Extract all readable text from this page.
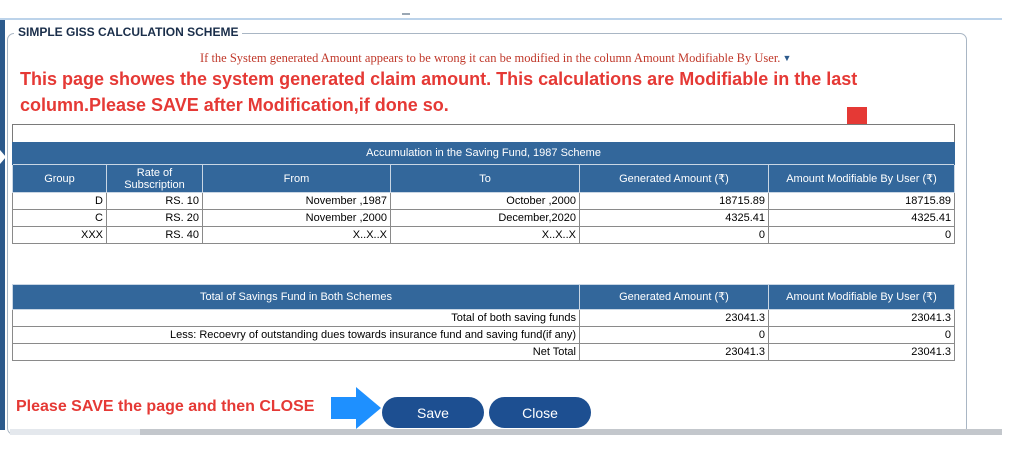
SIMPLE GISS CALCULATION SCHEME
If the System generated Amount appears to be wrong it can be modified in the column Amount Modifiable By User. ▼
This page showes the system generated claim amount. This calculations are Modifiable in the last column.Please SAVE after Modification,if done so.

Accumulation in the Saving Fund, 1987 Scheme					
Group	Rate of Subscription	From	To	Generated Amount (₹)	Amount Modifiable By User (₹)
D	RS. 10	November ,1987	October ,2000	18715.89	18715.89
C	RS. 20	November ,2000	December,2020	4325.41	4325.41
XXX	RS. 40	X..X..X	X..X..X	0	0
Total of Savings Fund in Both Schemes	Generated Amount (₹)	Amount Modifiable By User (₹)
Total of both saving funds	23041.3	23041.3
Less: Recoevry of outstanding dues towards insurance fund and saving fund(if any)	0	0
Net Total	23041.3	23041.3
Please SAVE the page and then CLOSE	Save	Close
